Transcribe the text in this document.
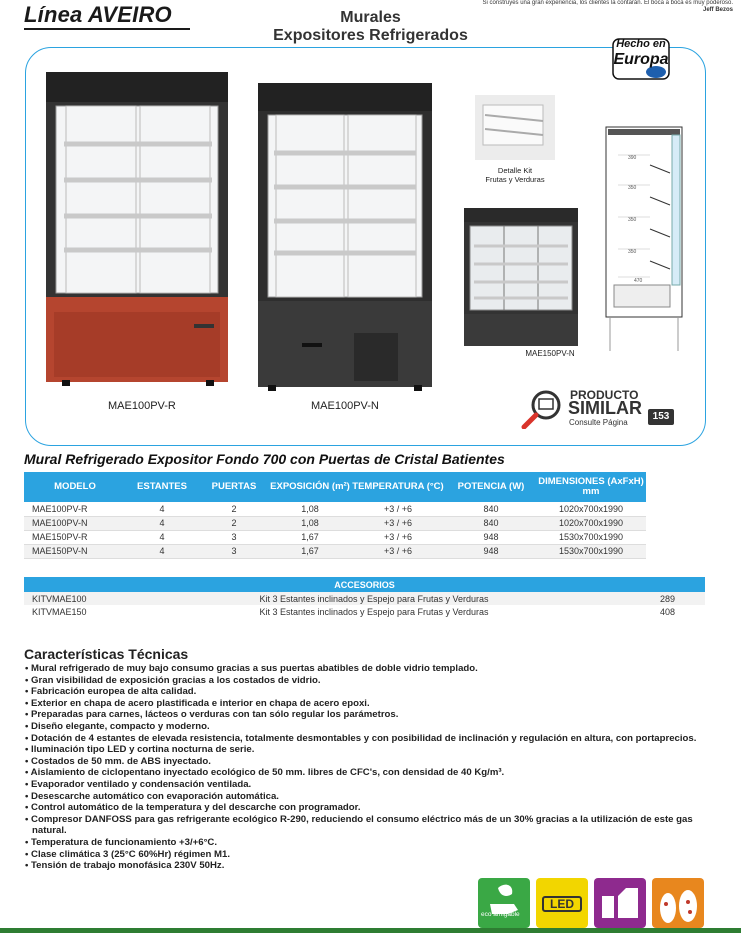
Línea AVEIRO	Si construyes una gran experiencia, los clientes la contarán. El boca a boca es muy poderoso.
Jeff Bezos
Murales
Expositores Refrigerados	Hecho en
Europa
MAE100PV-R	MAE100PV-N
Detalle Kit
Frutas y Verduras
MAE150PV-N
390
350
350
350
470
PRODUCTO
SIMILAR
Consulte Página
153
Mural Refrigerado Expositor Fondo 700 con Puertas de Cristal Batientes
MODELO	ESTANTES	PUERTAS	EXPOSICIÓN (m²)	TEMPERATURA (°C)	POTENCIA (W)	DIMENSIONES (AxFxH) mm
MAE100PV-R	4	2	1,08	+3 / +6	840	1020x700x1990
MAE100PV-N	4	2	1,08	+3 / +6	840	1020x700x1990
MAE150PV-R	4	3	1,67	+3 / +6	948	1530x700x1990
MAE150PV-N	4	3	1,67	+3 / +6	948	1530x700x1990
ACCESORIOS		
KITVMAE100	Kit 3 Estantes inclinados y Espejo para Frutas y Verduras	289
KITVMAE150	Kit 3 Estantes inclinados y Espejo para Frutas y Verduras	408
Características Técnicas
• Mural refrigerado de muy bajo consumo gracias a sus puertas abatibles de doble vidrio templado.
• Gran visibilidad de exposición gracias a los costados de vidrio.
• Fabricación europea de alta calidad.
• Exterior en chapa de acero plastificada e interior en chapa de acero epoxi.
• Preparadas para carnes, lácteos o verduras con tan sólo regular los parámetros.
• Diseño elegante, compacto y moderno.
• Dotación de 4 estantes de elevada resistencia, totalmente desmontables y con posibilidad de inclinación y regulación en altura, con portaprecios.
• Iluminación tipo LED y cortina nocturna de serie.
• Costados de 50 mm. de ABS inyectado.
• Aislamiento de ciclopentano inyectado ecológico de 50 mm. libres de CFC's, con densidad de 40 Kg/m³.
• Evaporador ventilado y condensación ventilada.
• Desescarche automático con evaporación automática.
• Control automático de la temperatura y del descarche con programador.
• Compresor DANFOSS para gas refrigerante ecológico R-290, reduciendo el consumo eléctrico más de un 30% gracias a la utilización de este gas natural.
• Temperatura de funcionamiento +3/+6°C.
• Clase climática 3 (25°C 60%Hr) régimen M1.
• Tensión de trabajo monofásica 230V 50Hz.
eco amigable
LED
